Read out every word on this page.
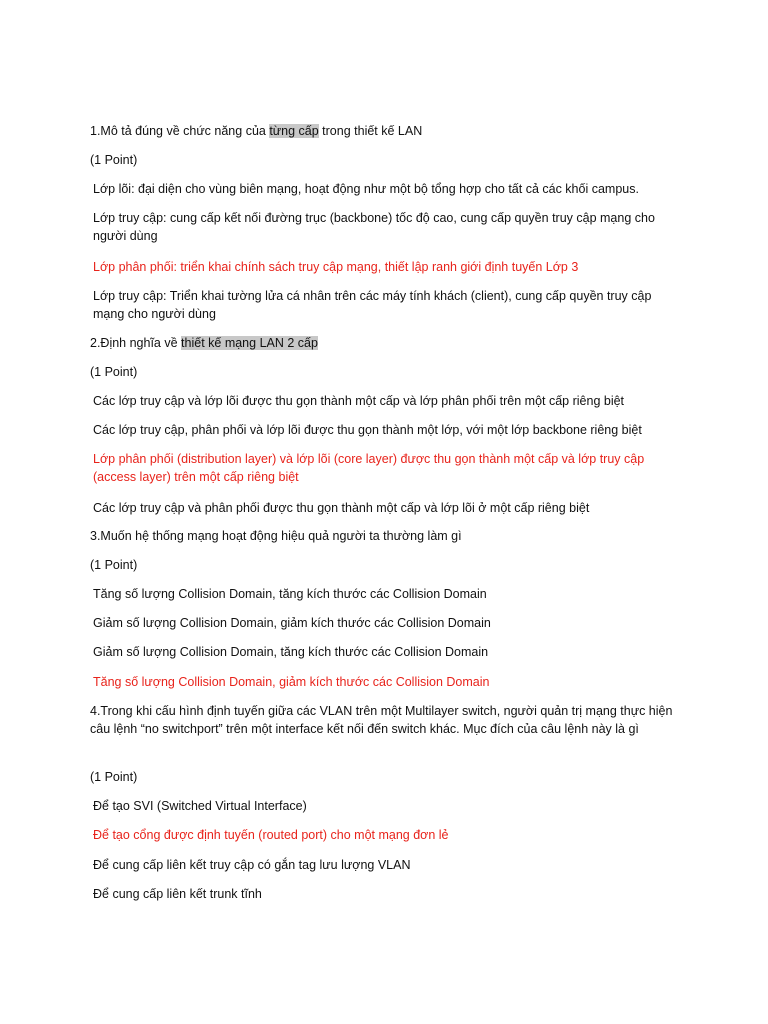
1.Mô tả đúng về chức năng của từng cấp trong thiết kế LAN

(1 Point)

Lớp lõi: đại diện cho vùng biên mạng, hoạt động như một bộ tổng hợp cho tất cả các khối campus.

Lớp truy cập: cung cấp kết nối đường trục (backbone) tốc độ cao, cung cấp quyền truy cập mạng cho người dùng

Lớp phân phối: triển khai chính sách truy cập mạng, thiết lập ranh giới định tuyến Lớp 3

Lớp truy cập: Triển khai tường lửa cá nhân trên các máy tính khách (client), cung cấp quyền truy cập mạng cho người dùng

2.Định nghĩa về thiết kế mạng LAN 2 cấp

(1 Point)

Các lớp truy cập và lớp lõi được thu gọn thành một cấp và lớp phân phối trên một cấp riêng biệt

Các lớp truy cập, phân phối và lớp lõi được thu gọn thành một lớp, với một lớp backbone riêng biệt

Lớp phân phối (distribution layer) và lớp lõi (core layer) được thu gọn thành một cấp và lớp truy cập (access layer) trên một cấp riêng biệt

Các lớp truy cập và phân phối được thu gọn thành một cấp và lớp lõi ở một cấp riêng biệt

3.Muốn hệ thống mạng hoạt động hiệu quả người ta thường làm gì

(1 Point)

Tăng số lượng Collision Domain, tăng kích thước các Collision Domain

Giảm số lượng Collision Domain, giảm kích thước các Collision Domain

Giảm số lượng Collision Domain, tăng kích thước các Collision Domain

Tăng số lượng Collision Domain, giảm kích thước các Collision Domain

4.Trong khi cấu hình định tuyến giữa các VLAN trên một Multilayer switch, người quản trị mạng thực hiện câu lệnh “no switchport” trên một interface kết nối đến switch khác. Mục đích của câu lệnh này là gì

(1 Point)

Để tạo SVI (Switched Virtual Interface)

Để tạo cổng được định tuyến (routed port) cho một mạng đơn lẻ

Để cung cấp liên kết truy cập có gắn tag lưu lượng VLAN

Để cung cấp liên kết trunk tĩnh
